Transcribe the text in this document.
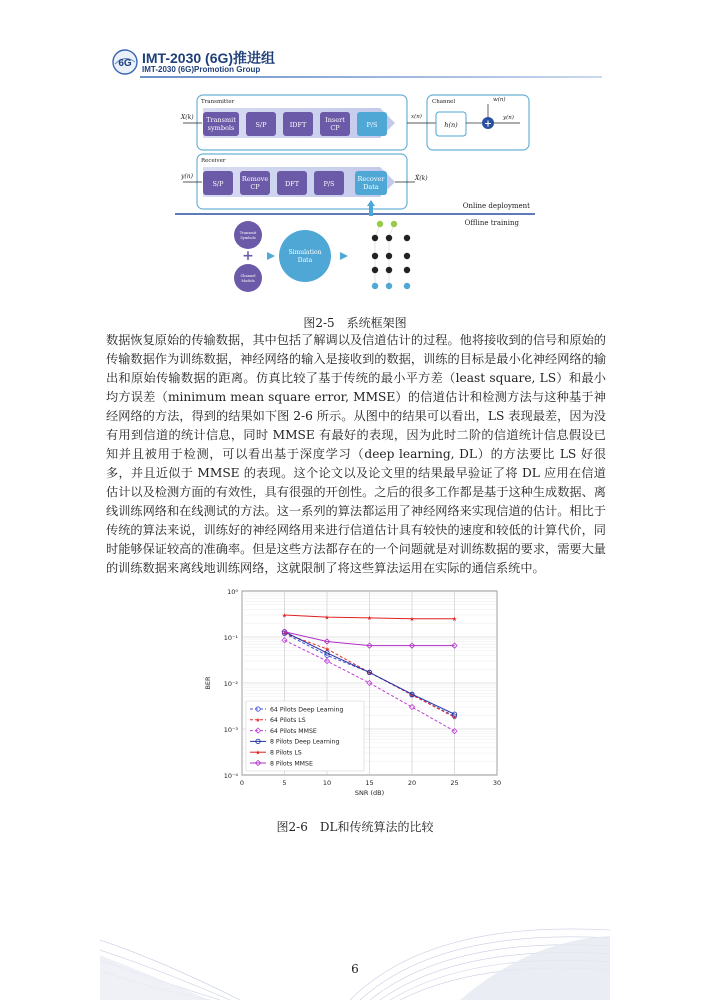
6G IMT-2030 (6G)推进组
IMT-2030 (6G)Promotion Group
Transmitter
X(k) Transmit
symbols	S/P	IDFT
Insert
CP	P/S
Channel
x(n)
h(n)	+
w(n)
y(n)
Receiver
y(n)
S/P
Remove
CP	DFT	P/S
Recover
Data
X̂(k)
Online deployment
Offline training
Transmit
Symbols
+
Channel
Models
Simulation
Data
图2-5　系统框架图
数据恢复原始的传输数据，其中包括了解调以及信道估计的过程。他将接收到的信号和原始的传输数据作为训练数据，神经网络的输入是接收到的数据，训练的目标是最小化神经网络的输出和原始传输数据的距离。仿真比较了基于传统的最小平方差（least square, LS）和最小均方误差（minimum mean square error, MMSE）的信道估计和检测方法与这种基于神经网络的方法，得到的结果如下图 2-6 所示。从图中的结果可以看出，LS 表现最差，因为没有用到信道的统计信息，同时 MMSE 有最好的表现，因为此时二阶的信道统计信息假设已知并且被用于检测，可以看出基于深度学习（deep learning, DL）的方法要比 LS 好很多，并且近似于 MMSE 的表现。这个论文以及论文里的结果最早验证了将 DL 应用在信道估计以及检测方面的有效性，具有很强的开创性。之后的很多工作都是基于这种生成数据、离线训练网络和在线测试的方法。这一系列的算法都运用了神经网络来实现信道的估计。相比于传统的算法来说，训练好的神经网络用来进行信道估计具有较快的速度和较低的计算代价，同时能够保证较高的准确率。但是这些方法都存在的一个问题就是对训练数据的要求，需要大量的训练数据来离线地训练网络，这就限制了将这些算法运用在实际的通信系统中。
10⁻⁴
10⁻³
10⁻²
10⁻¹
10⁰
0	5	10	15	20	25	30
SNR (dB)
BER
★
★
★
★
★
★	★	★	★	★
64 Pilots Deep Learning
★ 64 Pilots LS
64 Pilots MMSE
8 Pilots Deep Learning
★ 8 Pilots LS
8 Pilots MMSE
图2-6　DL和传统算法的比较
6
